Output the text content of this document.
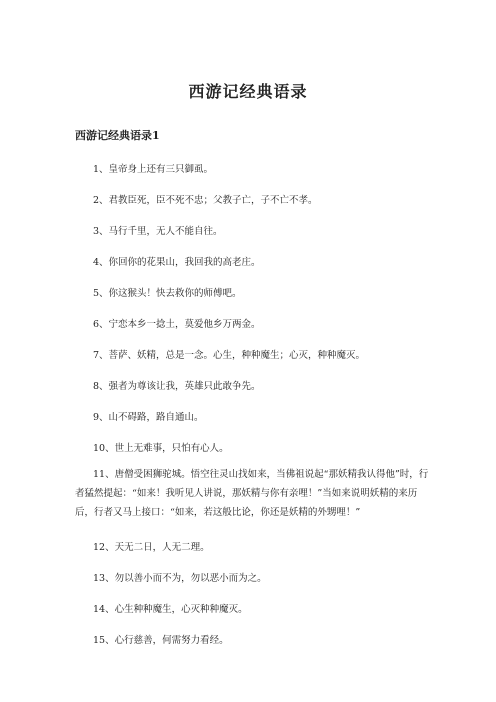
西游记经典语录
西游记经典语录1
1、皇帝身上还有三只御虱。
2、君教臣死，臣不死不忠；父教子亡，子不亡不孝。
3、马行千里，无人不能自往。
4、你回你的花果山，我回我的高老庄。
5、你这猴头！快去救你的师傅吧。
6、宁恋本乡一捻土，莫爱他乡万两金。
7、菩萨、妖精，总是一念。心生，种种魔生；心灭，种种魔灭。
8、强者为尊该让我，英雄只此敢争先。
9、山不碍路，路自通山。
10、世上无难事，只怕有心人。
11、唐僧受困狮驼城。悟空往灵山找如来，当佛祖说起“那妖精我认得他”时，行者猛然提起：“如来！我听见人讲说，那妖精与你有亲哩！”当如来说明妖精的来历后，行者又马上接口：“如来，若这般比论，你还是妖精的外甥哩！”
12、天无二日，人无二理。
13、勿以善小而不为，勿以恶小而为之。
14、心生种种魔生，心灭种种魔灭。
15、心行慈善，何需努力看经。
